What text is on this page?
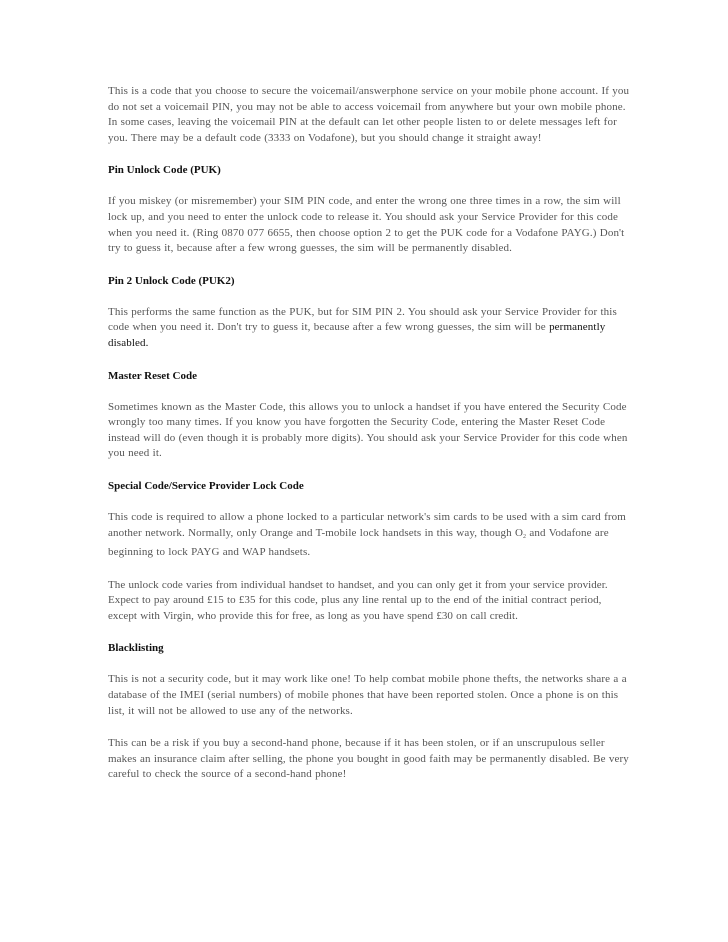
This is a code that you choose to secure the voicemail/answerphone service on your mobile phone account. If you do not set a voicemail PIN, you may not be able to access voicemail from anywhere but your own mobile phone. In some cases, leaving the voicemail PIN at the default can let other people listen to or delete messages left for you. There may be a default code (3333 on Vodafone), but you should change it straight away!

Pin Unlock Code (PUK)

If you miskey (or misremember) your SIM PIN code, and enter the wrong one three times in a row, the sim will lock up, and you need to enter the unlock code to release it. You should ask your Service Provider for this code when you need it. (Ring 0870 077 6655, then choose option 2 to get the PUK code for a Vodafone PAYG.) Don't try to guess it, because after a few wrong guesses, the sim will be permanently disabled.

Pin 2 Unlock Code (PUK2)

This performs the same function as the PUK, but for SIM PIN 2. You should ask your Service Provider for this code when you need it. Don't try to guess it, because after a few wrong guesses, the sim will be permanently disabled.

Master Reset Code

Sometimes known as the Master Code, this allows you to unlock a handset if you have entered the Security Code wrongly too many times. If you know you have forgotten the Security Code, entering the Master Reset Code instead will do (even though it is probably more digits). You should ask your Service Provider for this code when you need it.

Special Code/Service Provider Lock Code

This code is required to allow a phone locked to a particular network's sim cards to be used with a sim card from another network. Normally, only Orange and T-mobile lock handsets in this way, though $O_2$ and Vodafone are beginning to lock PAYG and WAP handsets.

The unlock code varies from individual handset to handset, and you can only get it from your service provider. Expect to pay around £15 to £35 for this code, plus any line rental up to the end of the initial contract period, except with Virgin, who provide this for free, as long as you have spend £30 on call credit.

Blacklisting

This is not a security code, but it may work like one! To help combat mobile phone thefts, the networks share a a database of the IMEI (serial numbers) of mobile phones that have been reported stolen. Once a phone is on this list, it will not be allowed to use any of the networks.

This can be a risk if you buy a second-hand phone, because if it has been stolen, or if an unscrupulous seller makes an insurance claim after selling, the phone you bought in good faith may be permanently disabled. Be very careful to check the source of a second-hand phone!
